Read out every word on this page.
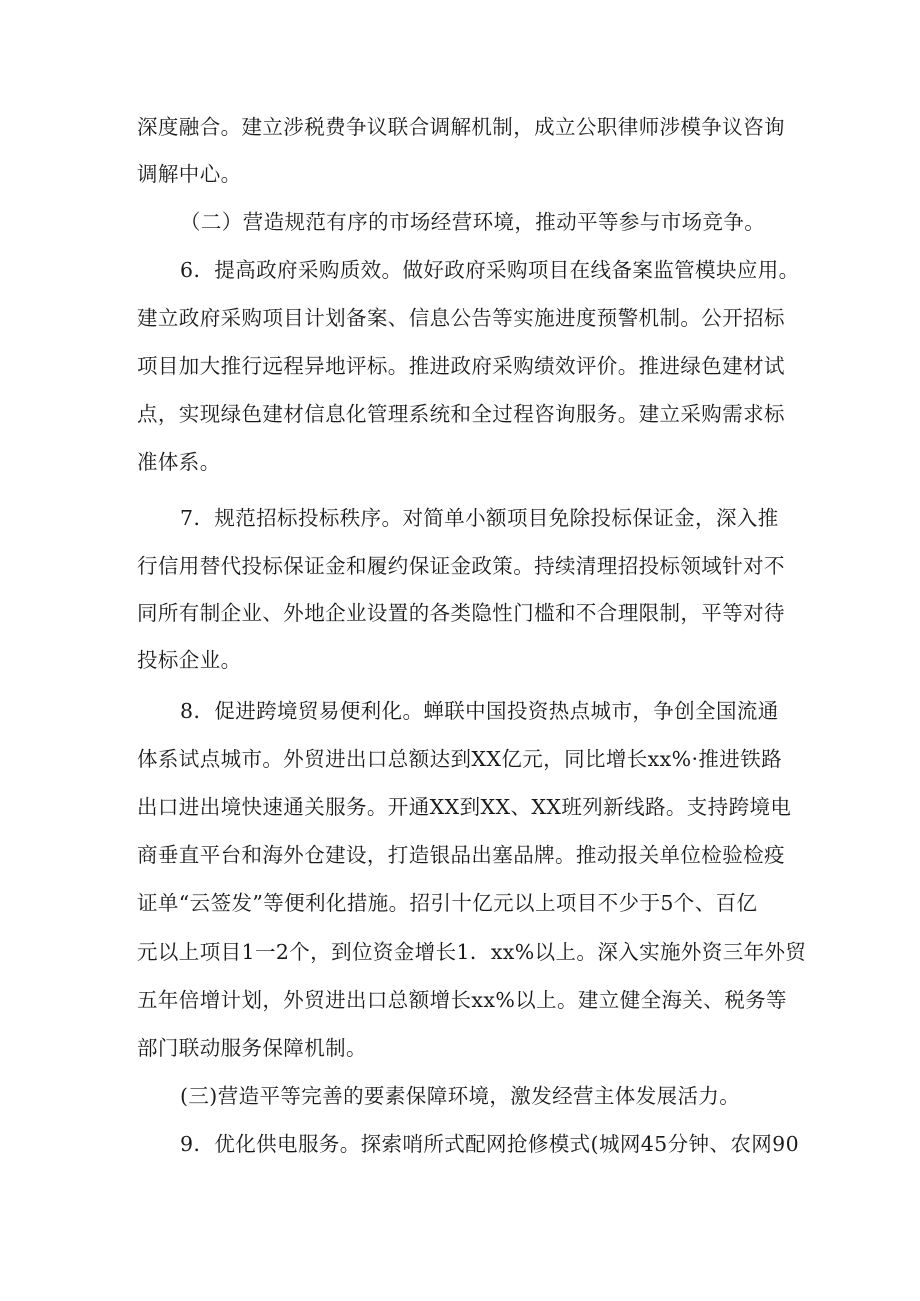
深度融合。建立涉税费争议联合调解机制，成立公职律师涉模争议咨询
调解中心。
（二）营造规范有序的市场经营环境，推动平等参与市场竞争。
6．提高政府采购质效。做好政府采购项目在线备案监管模块应用。
建立政府采购项目计划备案、信息公告等实施进度预警机制。公开招标
项目加大推行远程异地评标。推进政府采购绩效评价。推进绿色建材试
点，实现绿色建材信息化管理系统和全过程咨询服务。建立采购需求标
准体系。
7．规范招标投标秩序。对简单小额项目免除投标保证金，深入推
行信用替代投标保证金和履约保证金政策。持续清理招投标领域针对不
同所有制企业、外地企业设置的各类隐性门槛和不合理限制，平等对待
投标企业。
8．促进跨境贸易便利化。蝉联中国投资热点城市，争创全国流通
体系试点城市。外贸进出口总额达到XX亿元，同比增长xx%·推进铁路
出口进出境快速通关服务。开通XX到XX、XX班列新线路。支持跨境电
商垂直平台和海外仓建设，打造银品出塞品牌。推动报关单位检验检疫
证单“云签发”等便利化措施。招引十亿元以上项目不少于5个、百亿
元以上项目1一2个，到位资金增长1．xx%以上。深入实施外资三年外贸
五年倍增计划，外贸进出口总额增长xx%以上。建立健全海关、税务等
部门联动服务保障机制。
(三)营造平等完善的要素保障环境，激发经营主体发展活力。
9．优化供电服务。探索哨所式配网抢修模式(城网45分钟、农网90
